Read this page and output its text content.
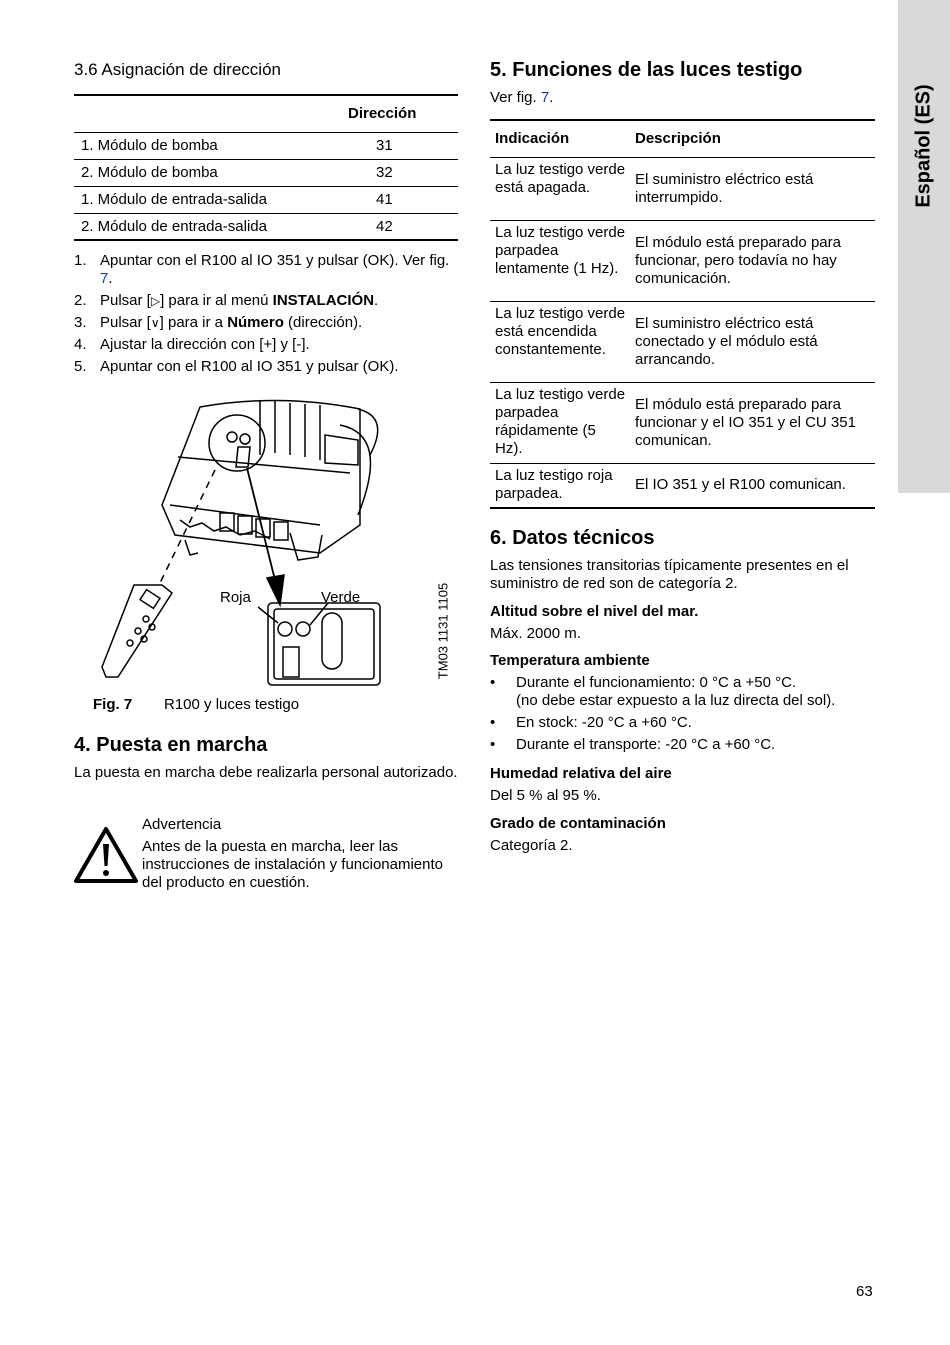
Español (ES)
3.6 Asignación de dirección
	Dirección
1. Módulo de bomba	31
2. Módulo de bomba	32
1. Módulo de entrada-salida	41
2. Módulo de entrada-salida	42
1. Apuntar con el R100 al IO 351 y pulsar (OK). Ver fig. 7.
2. Pulsar [▷] para ir al menú INSTALACIÓN.
3. Pulsar [∨] para ir a Número (dirección).
4. Ajustar la dirección con [+] y [-].
5. Apuntar con el R100 al IO 351 y pulsar (OK).
Roja	Verde	TM03 1131 1105
Fig. 7 R100 y luces testigo
4. Puesta en marcha
La puesta en marcha debe realizarla personal autorizado.
Advertencia
Antes de la puesta en marcha, leer las instrucciones de instalación y funcionamiento del producto en cuestión.
5. Funciones de las luces testigo
Ver fig. 7.
Indicación	Descripción
La luz testigo verde está apagada.	El suministro eléctrico está interrumpido.
La luz testigo verde parpadea lentamente (1 Hz).	El módulo está preparado para funcionar, pero todavía no hay comunicación.
La luz testigo verde está encendida constantemente.	El suministro eléctrico está conectado y el módulo está arrancando.
La luz testigo verde parpadea rápidamente (5 Hz).	El módulo está preparado para funcionar y el IO 351 y el CU 351 comunican.
La luz testigo roja parpadea.	El IO 351 y el R100 comunican.
6. Datos técnicos
Las tensiones transitorias típicamente presentes en el suministro de red son de categoría 2.
Altitud sobre el nivel del mar.
Máx. 2000 m.
Temperatura ambiente
• Durante el funcionamiento: 0 °C a +50 °C.
(no debe estar expuesto a la luz directa del sol).
• En stock: -20 °C a +60 °C.
• Durante el transporte: -20 °C a +60 °C.
Humedad relativa del aire
Del 5 % al 95 %.
Grado de contaminación
Categoría 2.
63
